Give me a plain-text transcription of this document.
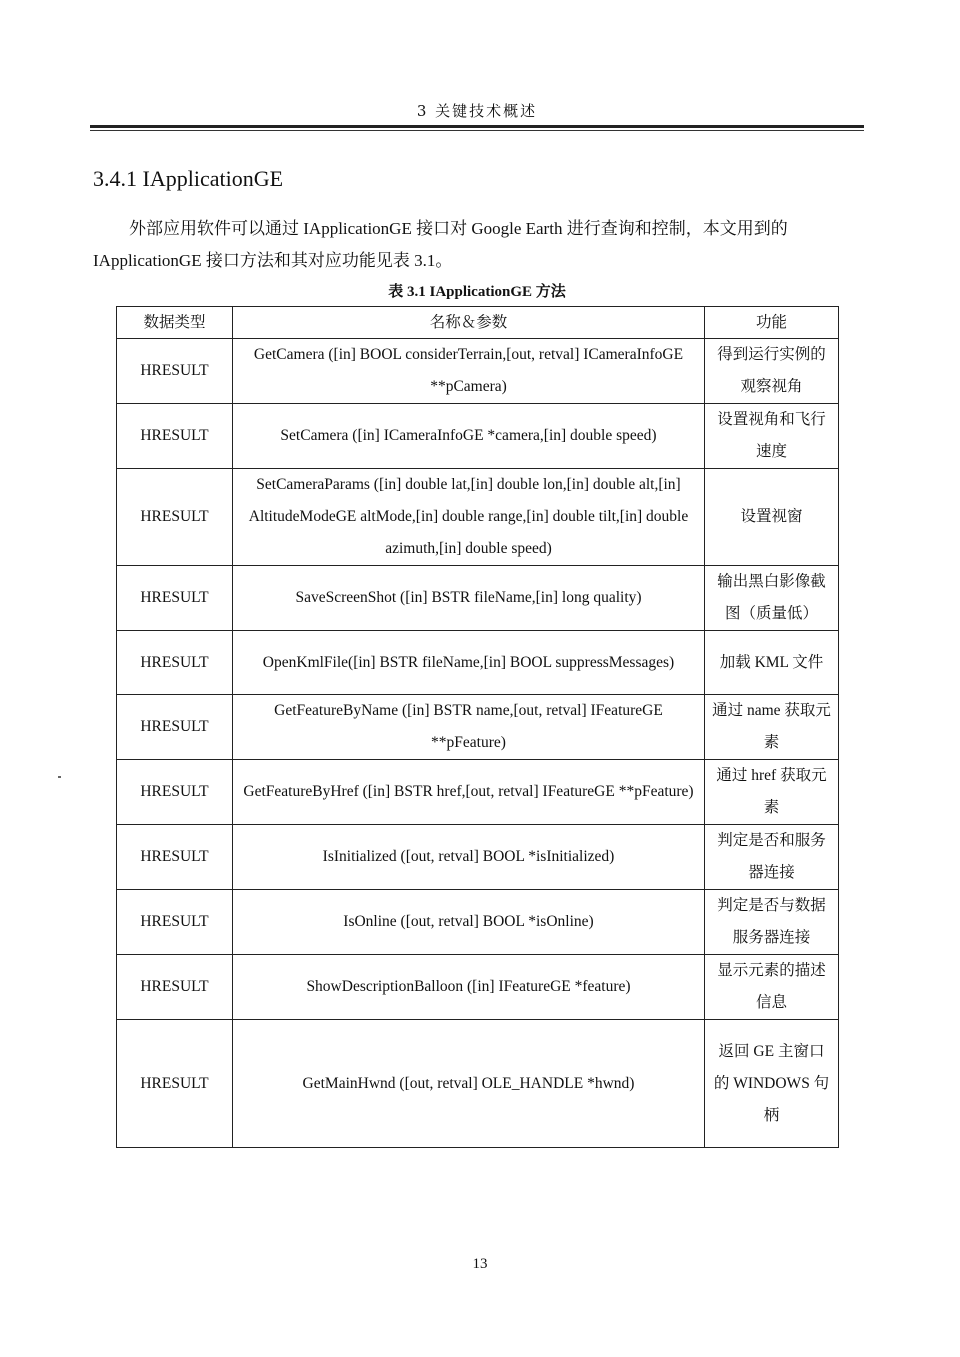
3 关键技术概述
3.4.1 IApplicationGE
外部应用软件可以通过 IApplicationGE 接口对 Google Earth 进行查询和控制，本文用到的 IApplicationGE 接口方法和其对应功能见表 3.1。
表 3.1 IApplicationGE 方法
数据类型	名称＆参数	功能
HRESULT	GetCamera ([in] BOOL considerTerrain,[out, retval] ICameraInfoGE **pCamera)	得到运行实例的观察视角
HRESULT	SetCamera ([in] ICameraInfoGE *camera,[in] double speed)	设置视角和飞行速度
HRESULT	SetCameraParams ([in] double lat,[in] double lon,[in] double alt,[in] AltitudeModeGE altMode,[in] double range,[in] double tilt,[in] double azimuth,[in] double speed)	设置视窗
HRESULT	SaveScreenShot ([in] BSTR fileName,[in] long quality)	输出黑白影像截图（质量低）
HRESULT	OpenKmlFile([in] BSTR fileName,[in] BOOL suppressMessages)	加载 KML 文件
HRESULT	GetFeatureByName ([in] BSTR name,[out, retval] IFeatureGE **pFeature)	通过 name 获取元素
HRESULT	GetFeatureByHref ([in] BSTR href,[out, retval] IFeatureGE **pFeature)	通过 href 获取元素
HRESULT	IsInitialized ([out, retval] BOOL *isInitialized)	判定是否和服务器连接
HRESULT	IsOnline ([out, retval] BOOL *isOnline)	判定是否与数据服务器连接
HRESULT	ShowDescriptionBalloon ([in] IFeatureGE *feature)	显示元素的描述信息
HRESULT	GetMainHwnd ([out, retval] OLE_HANDLE *hwnd)	返回 GE 主窗口的 WINDOWS 句柄
13
